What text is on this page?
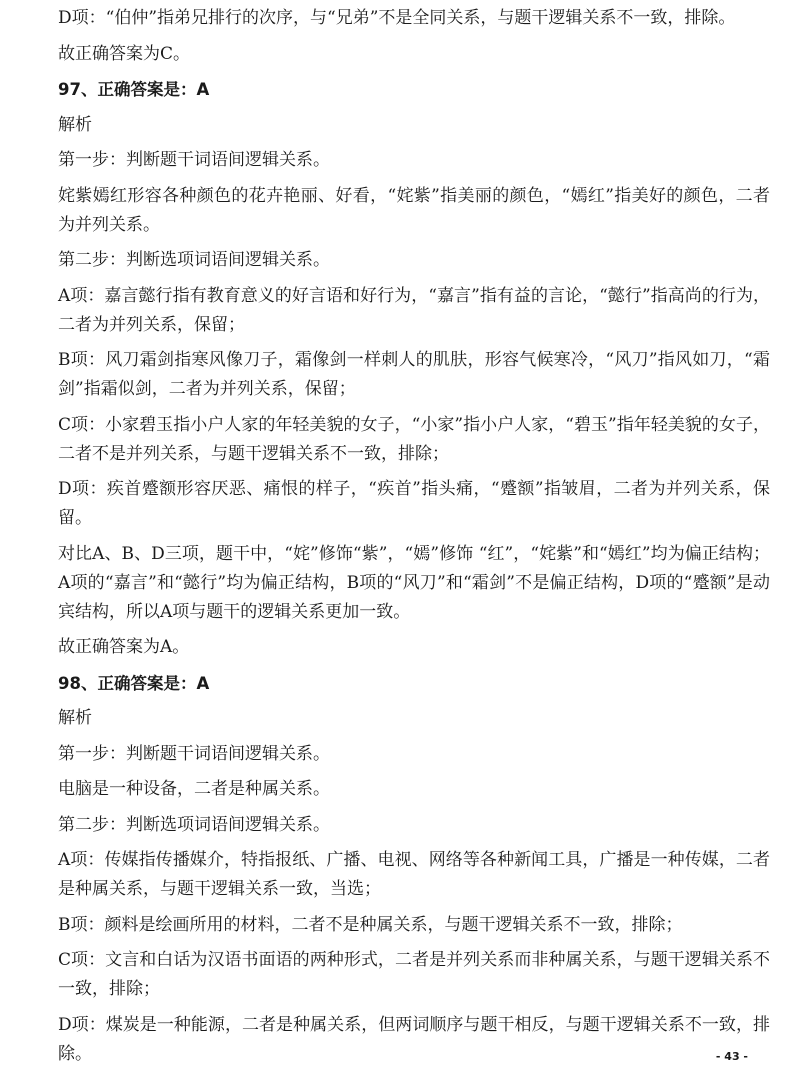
D项：“伯仲”指弟兄排行的次序，与“兄弟”不是全同关系，与题干逻辑关系不一致，排除。

故正确答案为C。

97、正确答案是：A

解析

第一步：判断题干词语间逻辑关系。

姹紫嫣红形容各种颜色的花卉艳丽、好看，“姹紫”指美丽的颜色，“嫣红”指美好的颜色，二者为并列关系。

第二步：判断选项词语间逻辑关系。

A项：嘉言懿行指有教育意义的好言语和好行为，“嘉言”指有益的言论，“懿行”指高尚的行为，二者为并列关系，保留；

B项：风刀霜剑指寒风像刀子，霜像剑一样刺人的肌肤，形容气候寒冷，“风刀”指风如刀，“霜剑”指霜似剑，二者为并列关系，保留；

C项：小家碧玉指小户人家的年轻美貌的女子，“小家”指小户人家，“碧玉”指年轻美貌的女子，二者不是并列关系，与题干逻辑关系不一致，排除；

D项：疾首蹙额形容厌恶、痛恨的样子，“疾首”指头痛，“蹙额”指皱眉，二者为并列关系，保留。

对比A、B、D三项，题干中，“姹”修饰“紫”，“嫣”修饰 “红”，“姹紫”和“嫣红”均为偏正结构；A项的“嘉言”和“懿行”均为偏正结构，B项的“风刀”和“霜剑”不是偏正结构，D项的“蹙额”是动宾结构，所以A项与题干的逻辑关系更加一致。

故正确答案为A。

98、正确答案是：A

解析

第一步：判断题干词语间逻辑关系。

电脑是一种设备，二者是种属关系。

第二步：判断选项词语间逻辑关系。

A项：传媒指传播媒介，特指报纸、广播、电视、网络等各种新闻工具，广播是一种传媒，二者是种属关系，与题干逻辑关系一致，当选；

B项：颜料是绘画所用的材料，二者不是种属关系，与题干逻辑关系不一致，排除；

C项：文言和白话为汉语书面语的两种形式，二者是并列关系而非种属关系，与题干逻辑关系不一致，排除；

D项：煤炭是一种能源，二者是种属关系，但两词顺序与题干相反，与题干逻辑关系不一致，排除。	- 43 -
